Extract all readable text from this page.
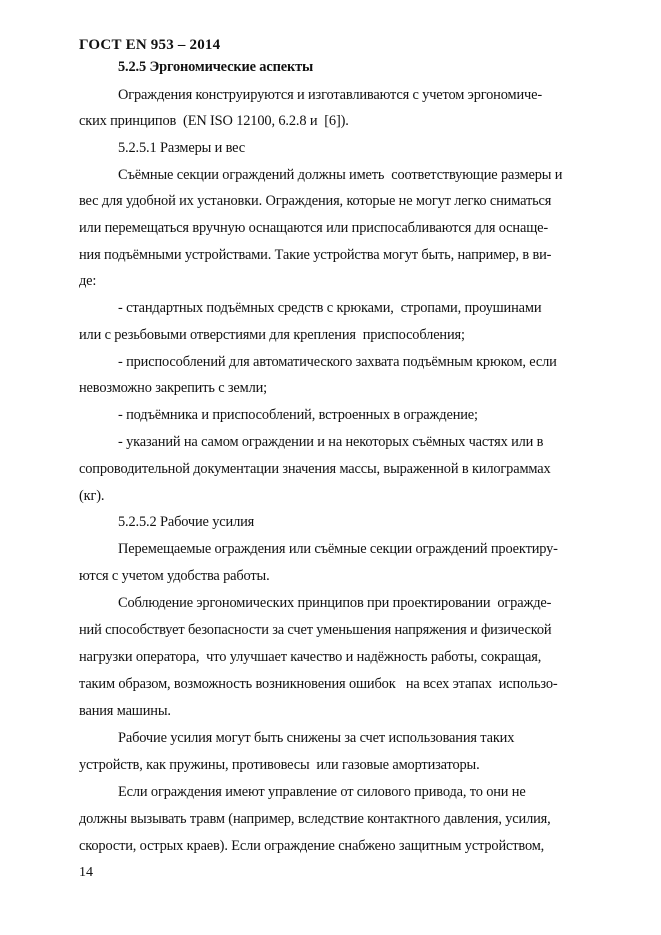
ГОСТ EN 953 – 2014
5.2.5 Эргономические аспекты
Ограждения конструируются и изготавливаются с учетом эргономиче-
ских принципов  (EN ISO 12100, 6.2.8 и  [6]).
5.2.5.1 Размеры и вес
Съёмные секции ограждений должны иметь  соответствующие размеры и
вес для удобной их установки. Ограждения, которые не могут легко сниматься
или перемещаться вручную оснащаются или приспосабливаются для оснаще-
ния подъёмными устройствами. Такие устройства могут быть, например, в ви-
де:
- стандартных подъёмных средств с крюками,  стропами, проушинами
или с резьбовыми отверстиями для крепления  приспособления;
- приспособлений для автоматического захвата подъёмным крюком, если
невозможно закрепить с земли;
- подъёмника и приспособлений, встроенных в ограждение;
- указаний на самом ограждении и на некоторых съёмных частях или в
сопроводительной документации значения массы, выраженной в килограммах
(кг).
5.2.5.2 Рабочие усилия
Перемещаемые ограждения или съёмные секции ограждений проектиру-
ются с учетом удобства работы.
Соблюдение эргономических принципов при проектировании  огражде-
ний способствует безопасности за счет уменьшения напряжения и физической
нагрузки оператора,  что улучшает качество и надёжность работы, сокращая,
таким образом, возможность возникновения ошибок   на всех этапах  использо-
вания машины.
Рабочие усилия могут быть снижены за счет использования таких
устройств, как пружины, противовесы  или газовые амортизаторы.
Если ограждения имеют управление от силового привода, то они не
должны вызывать травм (например, вследствие контактного давления, усилия,
скорости, острых краев). Если ограждение снабжено защитным устройством,
14
